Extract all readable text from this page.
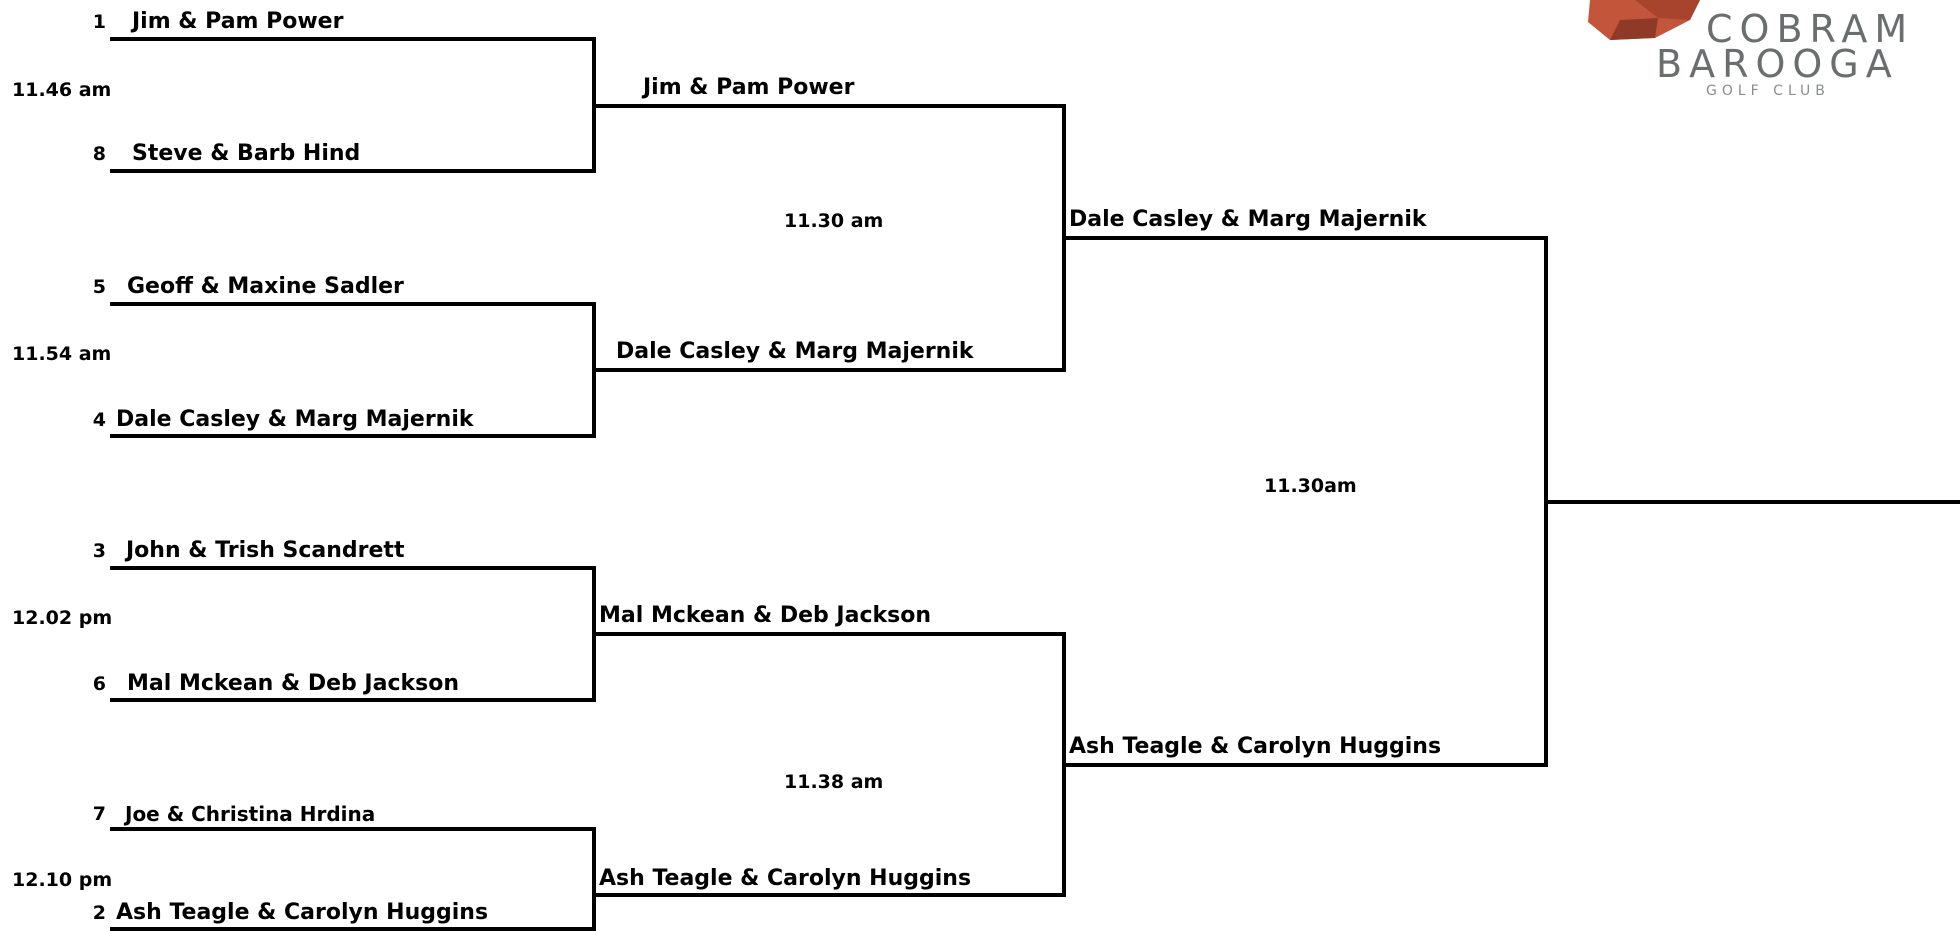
COBRAM
BAROOGA
GOLF CLUB
1 Jim & Pam Power
11.46 am
8 Steve & Barb Hind
5 Geoff & Maxine Sadler
11.54 am
4 Dale Casley & Marg Majernik
3 John & Trish Scandrett
12.02 pm
6 Mal Mckean & Deb Jackson
7 Joe & Christina Hrdina
12.10 pm
2 Ash Teagle & Carolyn Huggins
Jim & Pam Power
11.30 am
Dale Casley & Marg Majernik
Mal Mckean & Deb Jackson
11.38 am
Ash Teagle & Carolyn Huggins
Dale Casley & Marg Majernik
11.30am
Ash Teagle & Carolyn Huggins
